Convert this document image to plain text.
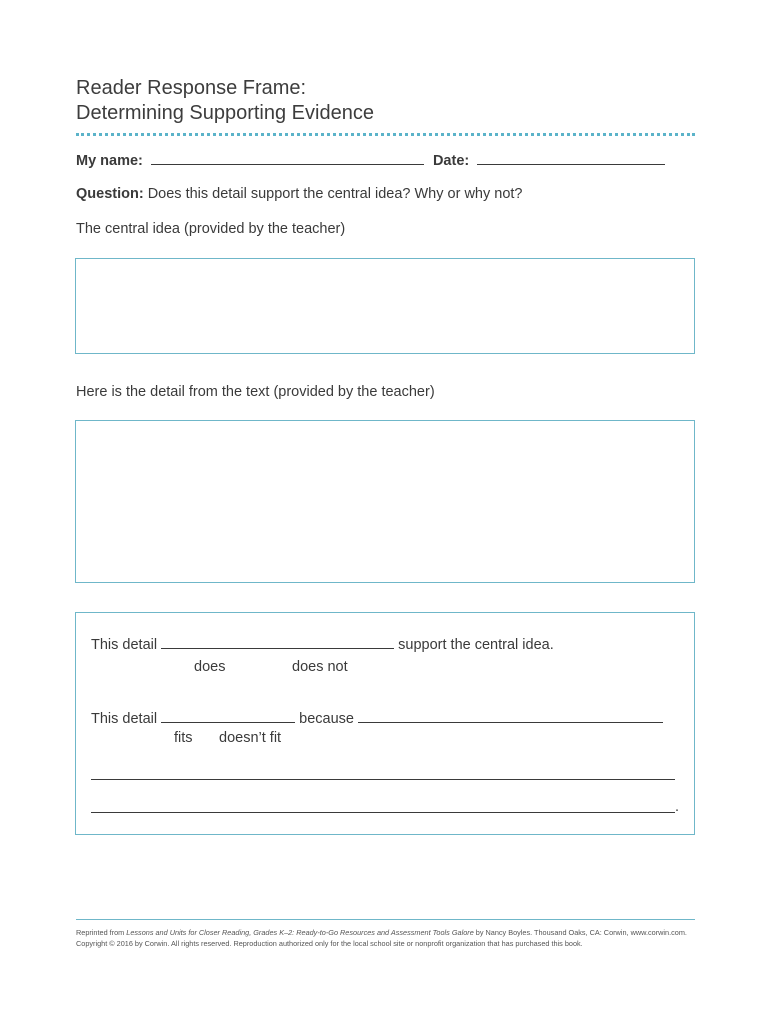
Reader Response Frame:
Determining Supporting Evidence
My name:	Date:
Question: Does this detail support the central idea? Why or why not?
The central idea (provided by the teacher)
Here is the detail from the text (provided by the teacher)
This detail	support the central idea.
does	does not
This detail	because
fits doesn’t fit
.
Reprinted from Lessons and Units for Closer Reading, Grades K–2: Ready-to-Go Resources and Assessment Tools Galore by Nancy Boyles. Thousand Oaks, CA: Corwin, www.corwin.com.
Copyright © 2016 by Corwin. All rights reserved. Reproduction authorized only for the local school site or nonprofit organization that has purchased this book.
